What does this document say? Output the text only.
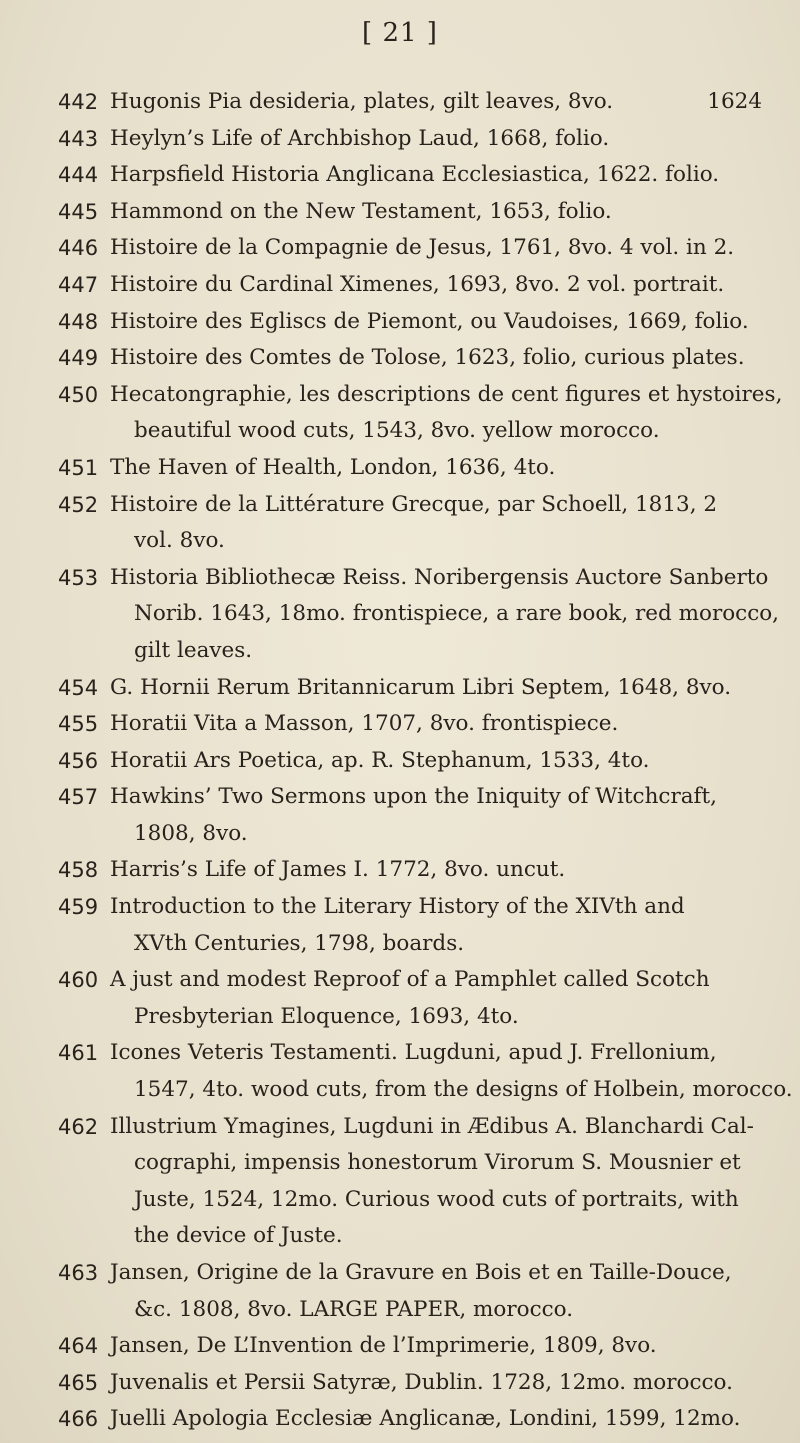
[ 21 ]
442	1624
Hugonis Pia desideria, plates, gilt leaves, 8vo.
443 Heylyn’s Life of Archbishop Laud, 1668, folio.
444 Harpsfield Historia Anglicana Ecclesiastica, 1622. folio.
445 Hammond on the New Testament, 1653, folio.
446 Histoire de la Compagnie de Jesus, 1761, 8vo. 4 vol. in 2.
447 Histoire du Cardinal Ximenes, 1693, 8vo. 2 vol. portrait.
448 Histoire des Egliscs de Piemont, ou Vaudoises, 1669, folio.
449 Histoire des Comtes de Tolose, 1623, folio, curious plates.
450 Hecatongraphie, les descriptions de cent figures et hystoires,
beautiful wood cuts, 1543, 8vo. yellow morocco.
451 The Haven of Health, London, 1636, 4to.
452 Histoire de la Littérature Grecque, par Schoell, 1813, 2
vol. 8vo.
453 Historia Bibliothecæ Reiss. Noribergensis Auctore Sanberto
Norib. 1643, 18mo. frontispiece, a rare book, red morocco,
gilt leaves.
454 G. Hornii Rerum Britannicarum Libri Septem, 1648, 8vo.
455 Horatii Vita a Masson, 1707, 8vo. frontispiece.
456 Horatii Ars Poetica, ap. R. Stephanum, 1533, 4to.
457 Hawkins’ Two Sermons upon the Iniquity of Witchcraft,
1808, 8vo.
458 Harris’s Life of James I. 1772, 8vo. uncut.
459 Introduction to the Literary History of the XIVth and
XVth Centuries, 1798, boards.
460 A just and modest Reproof of a Pamphlet called Scotch
Presbyterian Eloquence, 1693, 4to.
461 Icones Veteris Testamenti. Lugduni, apud J. Frellonium,
1547, 4to. wood cuts, from the designs of Holbein, morocco.
462 Illustrium Ymagines, Lugduni in Ædibus A. Blanchardi Cal-
cographi, impensis honestorum Virorum S. Mousnier et
Juste, 1524, 12mo. Curious wood cuts of portraits, with
the device of Juste.
463 Jansen, Origine de la Gravure en Bois et en Taille-Douce,
&c. 1808, 8vo. LARGE PAPER, morocco.
464 Jansen, De L’Invention de l’Imprimerie, 1809, 8vo.
465 Juvenalis et Persii Satyræ, Dublin. 1728, 12mo. morocco.
466 Juelli Apologia Ecclesiæ Anglicanæ, Londini, 1599, 12mo.
